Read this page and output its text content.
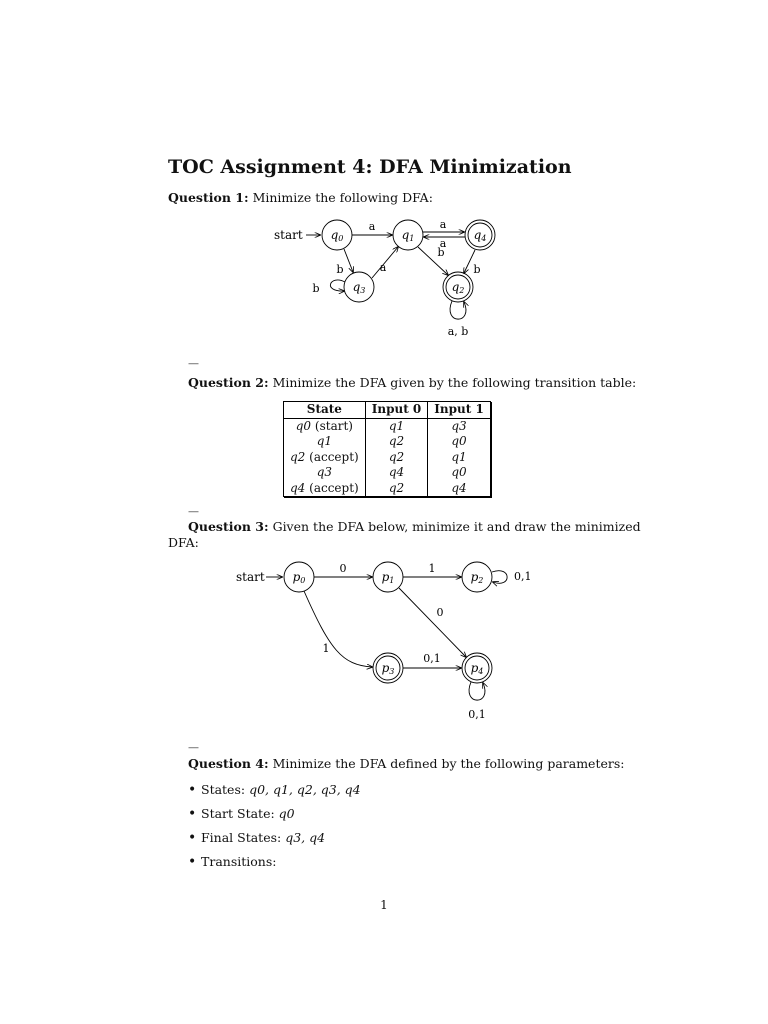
TOC Assignment 4: DFA Minimization
Question 1: Minimize the following DFA:
start q0	q1	q4
q3	q2
a	a
a
b	a
b
b
b
a, b
—
Question 2: Minimize the DFA given by the following transition table:
State	Input 0	Input 1
q0 (start)	q1	q3
q1	q2	q0
q2 (accept)	q2	q1
q3	q4	q0
q4 (accept)	q2	q4
—
Question 3: Given the DFA below, minimize it and draw the minimized
DFA:
start p0	p1	p2
p3	p4
0	1
0,1
0
1
0,1
0,1
—
Question 4: Minimize the DFA defined by the following parameters:
• States: q0, q1, q2, q3, q4
• Start State: q0
• Final States: q3, q4
• Transitions:
1
